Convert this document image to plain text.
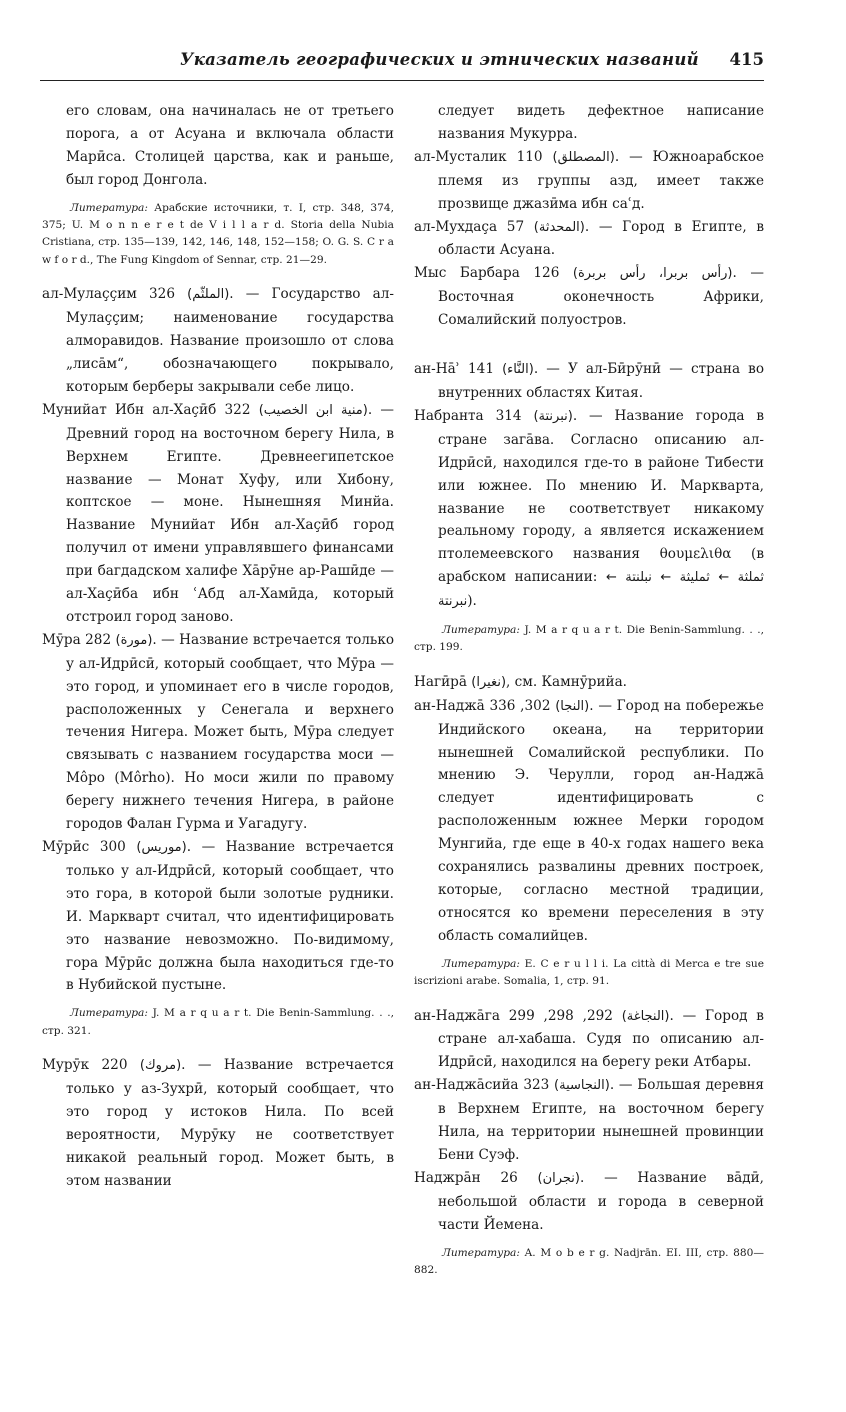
Указатель географических и этнических названий 415

его словам, она начиналась не от третьего порога, а от Асуана и включала области Марӣса. Столицей царства, как и раньше, был город Донгола.

Литература: Арабские источники, т. I, стр. 348, 374, 375; U. M o n n e r e t de V i l l a r d. Storia della Nubia Cristiana, стр. 135—139, 142, 146, 148, 152—158; O. G. S. C r a w f o r d., The Fung Kingdom of Sennar, стр. 21—29.

ал-Мулаҫҫим	(الملثّم) 326. — Государство ал-Мулаҫҫим; наименование государства алморавидов. Название произошло от слова „лисāм“, обозначающего покрывало, которым берберы закрывали себе лицо.

Мунийат Ибн ал-Хаҫӣб	(منية ابن الخصيب) 322. — Древний город на восточном берегу Нила, в Верхнем Египте. Древнеегипетское название — Монат Хуфу, или Хибону, коптское — моне. Нынешняя Минйа. Название Мунийат Ибн ал-Хаҫӣб город получил от имени управлявшего финансами при багдадском халифе Хāрӯне ар-Рашӣде — ал-Хаҫӣба ибн ʿАбд ал-Хамӣда, который отстроил город заново.

Мӯра	(مورة) 282. — Название встречается только у ал-Идрӣсӣ, который сообщает, что Мӯра — это город, и упоминает его в числе городов, расположенных у Сенегала и верхнего течения Нигера. Может быть, Мӯра следует связывать с названием государства моси — Môро (Môrho). Но моси жили по правому берегу нижнего течения Нигера, в районе городов Фалан Гурма и Уагадугу.

Мӯрӣс	(موريس) 300. — Название встречается только у ал-Идрӣсӣ, который сообщает, что это гора, в которой были золотые рудники. И. Маркварт считал, что идентифицировать это название невозможно. По-видимому, гора Мӯрӣс должна была находиться где-то в Нубийской пустыне.

Литература: J. M a r q u a r t. Die Benin-Sammlung. . ., стр. 321.

Мурӯк	(مروك) 220. — Название встречается только у аз-Зухрӣ, который сообщает, что это город у истоков Нила. По всей вероятности, Мурӯку не соответствует никакой реальный город. Может быть, в этом названии

следует видеть дефектное написание названия Мукурра.

ал-Мусталик	(المصطلق) 110. — Южноарабское племя из группы азд, имеет также прозвище джазӣма ибн саʿд.

ал-Мухдаҫа	(المحدثة) 57. — Город в Египте, в области Асуана.

Мыс Барбара	(رأس بربرا، رأس بربرة) 126. — Восточная оконечность Африки, Сомалийский полуостров.

ан-Нāʾ	(النَّاء) 141. — У ал-Бӣрӯнӣ — страна во внутренних областях Китая.

Набранта	(نبرنتة) 314. — Название города в стране загāва. Согласно описанию ал-Идрӣсӣ, находился где-то в районе Тибести или южнее. По мнению И. Маркварта, название не соответствует никакому реальному городу, а является искажением птолемеевского названия θουμελιθα (в арабском написании: ثملثة ← ثمليثة ← نبلنتة ← نبرنتة).

Литература: J. M a r q u a r t. Die Benin-Sammlung. . ., стр. 199.

Нагӣрā (نغيرا), см. Камнӯрийа.

ан-Наджā	(النجا) 302, 336. — Город на побережье Индийского океана, на территории нынешней Сомалийской республики. По мнению Э. Черулли, город ан-Наджā следует идентифицировать с расположенным южнее Мерки городом Мунгийа, где еще в 40-х годах нашего века сохранялись развалины древних построек, которые, согласно местной традиции, относятся ко времени переселения в эту область сомалийцев.

Литература: E. C e r u l l i. La città di Merca e tre sue iscrizioni arabe. Somalia, 1, стр. 91.

ан-Наджāга	(النجاغة) 292, 298, 299. — Город в стране ал-хабаша. Судя по описанию ал-Идрӣсӣ, находился на берегу реки Атбары.

ан-Наджāсийа	(النجاسية) 323. — Большая деревня в Верхнем Египте, на восточном берегу Нила, на территории нынешней провинции Бени Суэф.

Наджрāн	(نجران) 26. — Название вāдӣ, небольшой области и города в северной части Йемена.

Литература: A. M o b e r g. Nadjrān. EI. III, стр. 880—882.
